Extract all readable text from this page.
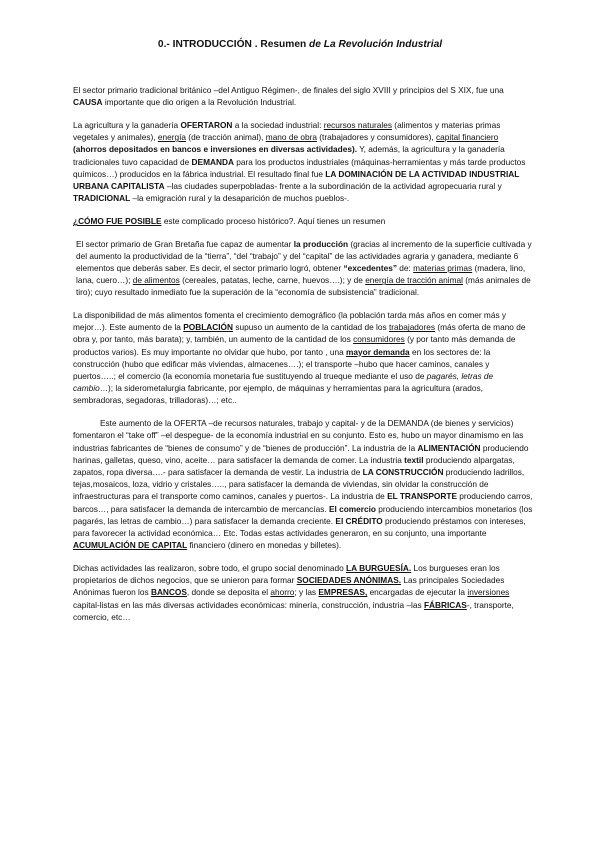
0.- INTRODUCCIÓN . Resumen de La Revolución Industrial

El sector primario tradicional británico –del Antiguo Régimen-, de finales del siglo XVIII y principios del S XIX, fue una CAUSA importante que dio origen a la Revolución Industrial.

La agricultura y la ganadería OFERTARON a la sociedad industrial: recursos naturales (alimentos y materias primas vegetales y animales), energía (de tracción animal), mano de obra (trabajadores y consumidores), capital financiero (ahorros depositados en bancos e inversiones en diversas actividades). Y, además, la agricultura y la ganadería tradicionales tuvo capacidad de DEMANDA para los productos industriales (máquinas-herramientas y más tarde productos químicos…) producidos en la fábrica industrial. El resultado final fue LA DOMINACIÓN DE LA ACTIVIDAD INDUSTRIAL URBANA CAPITALISTA –las ciudades superpobladas- frente a la subordinación de la actividad agropecuaria rural y TRADICIONAL –la emigración rural y la desaparición de muchos pueblos-.

¿CÓMO FUE POSIBLE este complicado proceso histórico?. Aquí tienes un resumen

El sector primario de Gran Bretaña fue capaz de aumentar la producción (gracias al incremento de la superficie cultivada y del aumento la productividad de la “tierra”, “del “trabajo” y del “capital” de las actividades agraria y ganadera, mediante 6 elementos que deberás saber. Es decir, el sector primario logró, obtener “excedentes” de: materias primas (madera, lino, lana, cuero…); de alimentos (cereales, patatas, leche, carne, huevos….); y de energía de tracción animal (más animales de tiro); cuyo resultado inmediato fue la superación de la “economía de subsistencia” tradicional.

La disponibilidad de más alimentos fomenta el crecimiento demográfico (la población tarda más años en comer más y mejor…). Este aumento de la POBLACIÓN supuso un aumento de la cantidad de los trabajadores (más oferta de mano de obra y, por tanto, más barata); y, también, un aumento de la cantidad de los consumidores (y por tanto más demanda de productos varios). Es muy importante no olvidar que hubo, por tanto , una mayor demanda en los sectores de: la construcción (hubo que edificar más viviendas, almacenes….); el transporte –hubo que hacer caminos, canales y puertos…..; el comercio (la economía monetaria fue sustituyendo al trueque mediante el uso de pagarés, letras de cambio…); la siderometalurgia fabricante, por ejemplo, de máquinas y herramientas para la agricultura (arados, sembradoras, segadoras, trilladoras)…; etc..

Este aumento de la OFERTA –de recursos naturales, trabajo y capital- y de la DEMANDA (de bienes y servicios) fomentaron el “take off” –el despegue- de la economía industrial en su conjunto. Esto es, hubo un mayor dinamismo en las industrias fabricantes de “bienes de consumo” y de “bienes de producción”. La industria de la ALIMENTACIÓN produciendo harinas, galletas, queso, vino, aceite… para satisfacer la demanda de comer. La industria textil produciendo alpargatas, zapatos, ropa diversa….- para satisfacer la demanda de vestir. La industria de LA CONSTRUCCIÓN produciendo ladrillos, tejas,mosaicos, loza, vidrio y cristales….., para satisfacer la demanda de viviendas, sin olvidar la construcción de infraestructuras para el transporte como caminos, canales y puertos-. La industria de EL TRANSPORTE produciendo carros, barcos…, para satisfacer la demanda de intercambio de mercancías. El comercio produciendo intercambios monetarios (los pagarés, las letras de cambio…) para satisfacer la demanda creciente. El CRÉDITO produciendo préstamos con intereses, para favorecer la actividad económica… Etc. Todas estas actividades generaron, en su conjunto, una importante ACUMULACIÓN DE CAPITAL financiero (dinero en monedas y billetes).

Dichas actividades las realizaron, sobre todo, el grupo social denominado LA BURGUESÍA. Los burgueses eran los propietarios de dichos negocios, que se unieron para formar SOCIEDADES ANÓNIMAS. Las principales Sociedades Anónimas fueron los BANCOS, donde se deposita el ahorro; y las EMPRESAS, encargadas de ejecutar la inversiones capital-listas en las más diversas actividades económicas: minería, construcción, industria –las FÁBRICAS-, transporte, comercio, etc…
